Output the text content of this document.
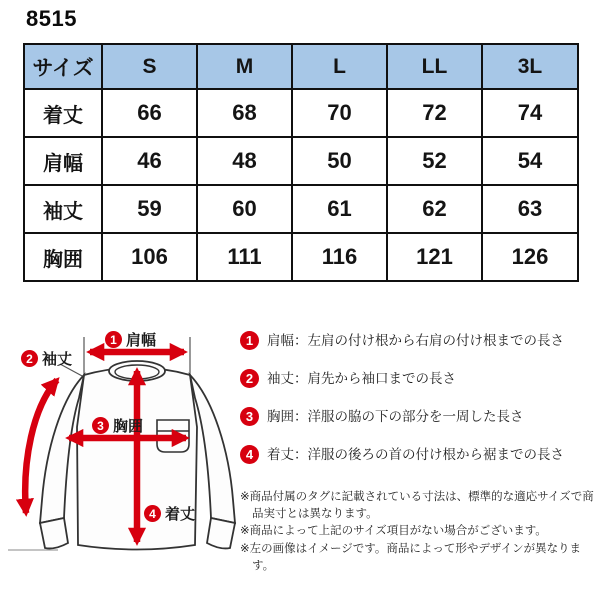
8515
サイズ	S	M	L	LL	3L
着丈	66	68	70	72	74
肩幅	46	48	50	52	54
袖丈	59	60	61	62	63
胸囲	106	111	116	121	126
1 肩幅
2 袖丈
3 胸囲
4 着丈
1	肩幅：左肩の付け根から右肩の付け根までの長さ
2	袖丈：肩先から袖口までの長さ
3	胸囲：洋服の脇の下の部分を一周した長さ
4	着丈：洋服の後ろの首の付け根から裾までの長さ
※商品付属のタグに記載されている寸法は、標準的な適応サイズで商品実寸とは異なります。
※商品によって上記のサイズ項目がない場合がございます。
※左の画像はイメージです。商品によって形やデザインが異なります。
